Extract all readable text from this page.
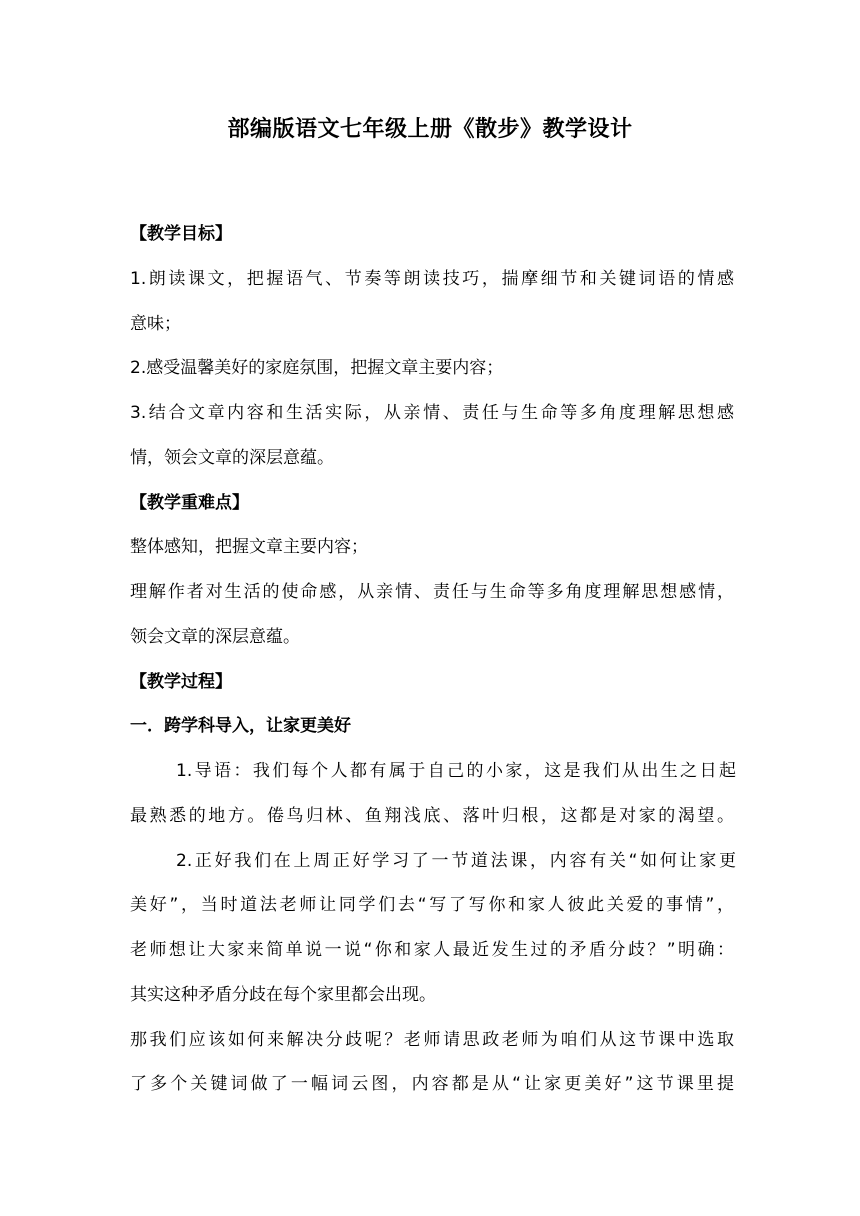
部编版语文七年级上册《散步》教学设计
【教学目标】
1.朗读课文，把握语气、节奏等朗读技巧，揣摩细节和关键词语的情感
意味；
2.感受温馨美好的家庭氛围，把握文章主要内容；
3.结合文章内容和生活实际，从亲情、责任与生命等多角度理解思想感
情，领会文章的深层意蕴。
【教学重难点】
整体感知，把握文章主要内容；
理解作者对生活的使命感，从亲情、责任与生命等多角度理解思想感情，
领会文章的深层意蕴。
【教学过程】
一．跨学科导入，让家更美好
1.导语：我们每个人都有属于自己的小家，这是我们从出生之日起
最熟悉的地方。倦鸟归林、鱼翔浅底、落叶归根，这都是对家的渴望。
2.正好我们在上周正好学习了一节道法课，内容有关“如何让家更
美好”，当时道法老师让同学们去“写了写你和家人彼此关爱的事情”，
老师想让大家来简单说一说“你和家人最近发生过的矛盾分歧？”明确：
其实这种矛盾分歧在每个家里都会出现。
那我们应该如何来解决分歧呢？老师请思政老师为咱们从这节课中选取
了多个关键词做了一幅词云图，内容都是从“让家更美好”这节课里提
